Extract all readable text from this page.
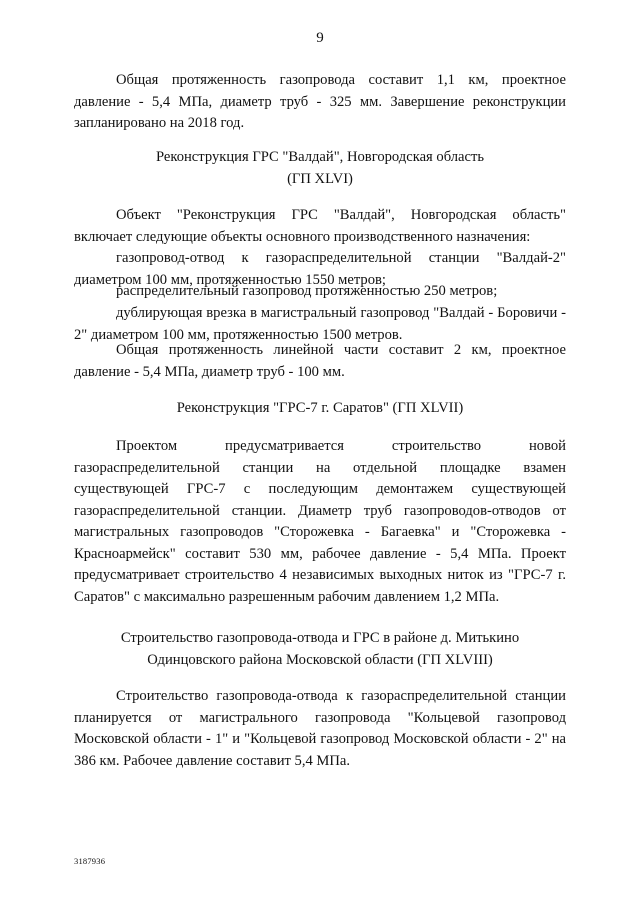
9

Общая протяженность газопровода составит 1,1 км, проектное давление - 5,4 МПа, диаметр труб - 325 мм. Завершение реконструкции запланировано на 2018 год.

Реконструкция ГРС "Валдай", Новгородская область
(ГП XLVI)

Объект "Реконструкция ГРС "Валдай", Новгородская область" включает следующие объекты основного производственного назначения:

газопровод-отвод к газораспределительной станции "Валдай-2" диаметром 100 мм, протяженностью 1550 метров;

распределительный газопровод протяженностью 250 метров;

дублирующая врезка в магистральный газопровод "Валдай - Боровичи - 2" диаметром 100 мм, протяженностью 1500 метров.

Общая протяженность линейной части составит 2 км, проектное давление - 5,4 МПа, диаметр труб - 100 мм.

Реконструкция "ГРС-7 г. Саратов" (ГП XLVII)

Проектом предусматривается строительство новой газораспределительной станции на отдельной площадке взамен существующей ГРС-7 с последующим демонтажем существующей газораспределительной станции. Диаметр труб газопроводов-отводов от магистральных газопроводов "Сторожевка - Багаевка" и "Сторожевка - Красноармейск" составит 530 мм, рабочее давление - 5,4 МПа. Проект предусматривает строительство 4 независимых выходных ниток из "ГРС-7 г. Саратов" с максимально разрешенным рабочим давлением 1,2 МПа.

Строительство газопровода-отвода и ГРС в районе д. Митькино
Одинцовского района Московской области (ГП XLVIII)

Строительство газопровода-отвода к газораспределительной станции планируется от магистрального газопровода "Кольцевой газопровод Московской области - 1" и "Кольцевой газопровод Московской области - 2" на 386 км. Рабочее давление составит 5,4 МПа.

3187936
